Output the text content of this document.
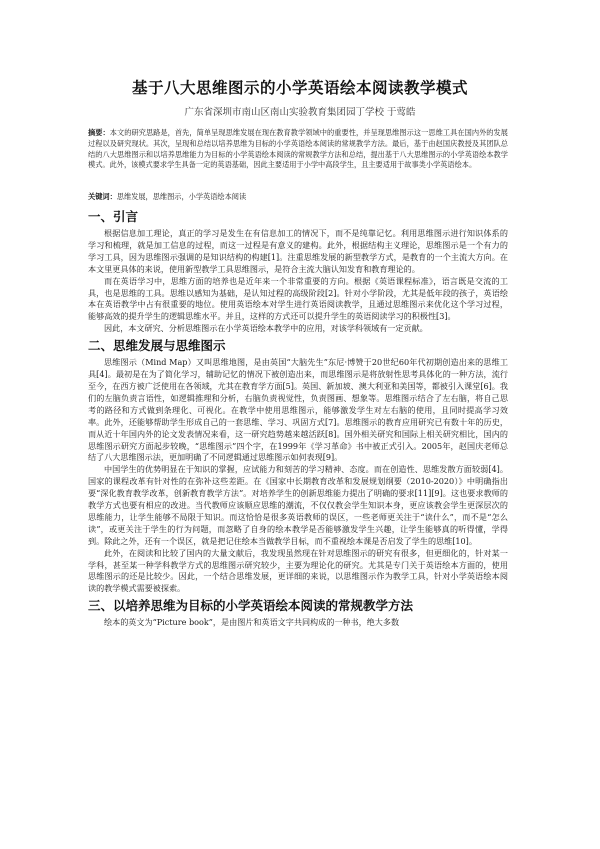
基于八大思维图示的小学英语绘本阅读教学模式
广东省深圳市南山区南山实验教育集团园丁学校 于莺皓
摘要：本文的研究思路是，首先，简单呈现思维发展在现在教育教学领域中的重要性，并呈现思维图示这一思维工具在国内外的发展过程以及研究现状。其次，呈现和总结以培养思维为目标的小学英语绘本阅读的常规教学方法。最后，基于由赵国庆教授及其团队总结的八大思维图示和以培养思维能力为目标的小学英语绘本阅读的常规教学方法和总结，提出基于八大思维图示的小学英语绘本教学模式。此外，该模式要求学生具备一定的英语基础，因此主要适用于小学中高段学生，且主要适用于故事类小学英语绘本。
关键词：思维发展，思维图示，小学英语绘本阅读
一、引言

根据信息加工理论，真正的学习是发生在有信息加工的情况下，而不是纯靠记忆。利用思维图示进行知识体系的学习和梳理，就是加工信息的过程，而这一过程是有意义的建构。此外，根据结构主义理论，思维图示是一个有力的学习工具，因为思维图示强调的是知识结构的构建[1]。注重思维发展的新型教学方式，是教育的一个主流大方向。在本文里更具体的来说，使用新型教学工具思维图示，是符合主流大脑认知发育和教育理论的。

而在英语学习中，思维方面的培养也是近年来一个非常重要的方向。根据《英语课程标准》，语言既是交流的工具，也是思维的工具。思维以感知为基础，是认知过程的高级阶段[2]。针对小学阶段，尤其是低年段的孩子，英语绘本在英语教学中占有很重要的地位。使用英语绘本对学生进行英语阅读教学，且通过思维图示来优化这个学习过程，能够高效的提升学生的逻辑思维水平。并且，这样的方式还可以提升学生的英语阅读学习的积极性[3]。

因此，本文研究、分析思维图示在小学英语绘本教学中的应用，对该学科领域有一定贡献。

二、思维发展与思维图示

思维图示（Mind Map）又叫思维地图，是由英国“大脑先生”东尼·博赞于20世纪60年代初期创造出来的思维工具[4]。最初是在为了简化学习，辅助记忆的情况下被创造出来，而思维图示是将放射性思考具体化的一种方法，流行至今，在西方被广泛使用在各领域，尤其在教育学方面[5]。英国、新加坡、澳大利亚和美国等，都被引入课堂[6]。我们的左脑负责言语性，如逻辑推理和分析，右脑负责视觉性，负责图画、想象等。思维图示结合了左右脑，将自己思考的路径和方式做到条理化、可视化。在教学中使用思维图示，能够激发学生对左右脑的使用，且同时提高学习效率。此外，还能够帮助学生形成自己的一套思维、学习、巩固方式[7]。思维图示的教育应用研究已有数十年的历史，而从近十年国内外的论文发表情况来看，这一研究趋势越来越活跃[8]。国外相关研究和国际上相关研究相比，国内的思维图示研究方面起步较晚，“思维图示”四个字，在1999年《学习革命》书中被正式引入。2005年，赵国庆老师总结了八大思维图示法，更加明确了不同逻辑通过思维图示如何表现[9]。

中国学生的优势明显在于知识的掌握，应试能力和刻苦的学习精神、态度。而在创造性、思维发散方面较弱[4]。国家的课程改革有针对性的在弥补这些差距。在《国家中长期教育改革和发展规划纲要（2010-2020）》中明确指出要“深化教育教学改革，创新教育教学方法”。对培养学生的创新思维能力提出了明确的要求[11][9]。这也要求教师的教学方式也要有相应的改进。当代教师应该顺应思维的潮流，不仅仅教会学生知识本身，更应该教会学生更深层次的思维能力，让学生能够不局限于知识。而这恰恰是很多英语教师的误区，一些老师更关注于“读什么”，而不是“怎么读”，或更关注于学生的行为问题，而忽略了自身的绘本教学是否能够激发学生兴趣，让学生能够真的听得懂，学得到。除此之外，还有一个误区，就是把记住绘本当做教学目标，而不重视绘本课是否启发了学生的思维[10]。

此外，在阅读和比较了国内的大量文献后，我发现虽然现在针对思维图示的研究有很多，但更细化的，针对某一学科，甚至某一种学科教学方式的思维图示研究较少，主要为理论化的研究。尤其是专门关于英语绘本方面的，使用思维图示的还是比较少。因此，一个结合思维发展，更详细的来说，以思维图示作为教学工具，针对小学英语绘本阅读的教学模式需要被探索。

三、以培养思维为目标的小学英语绘本阅读的常规教学方法

绘本的英文为“Picture book”，是由图片和英语文字共同构成的一种书，绝大多数
